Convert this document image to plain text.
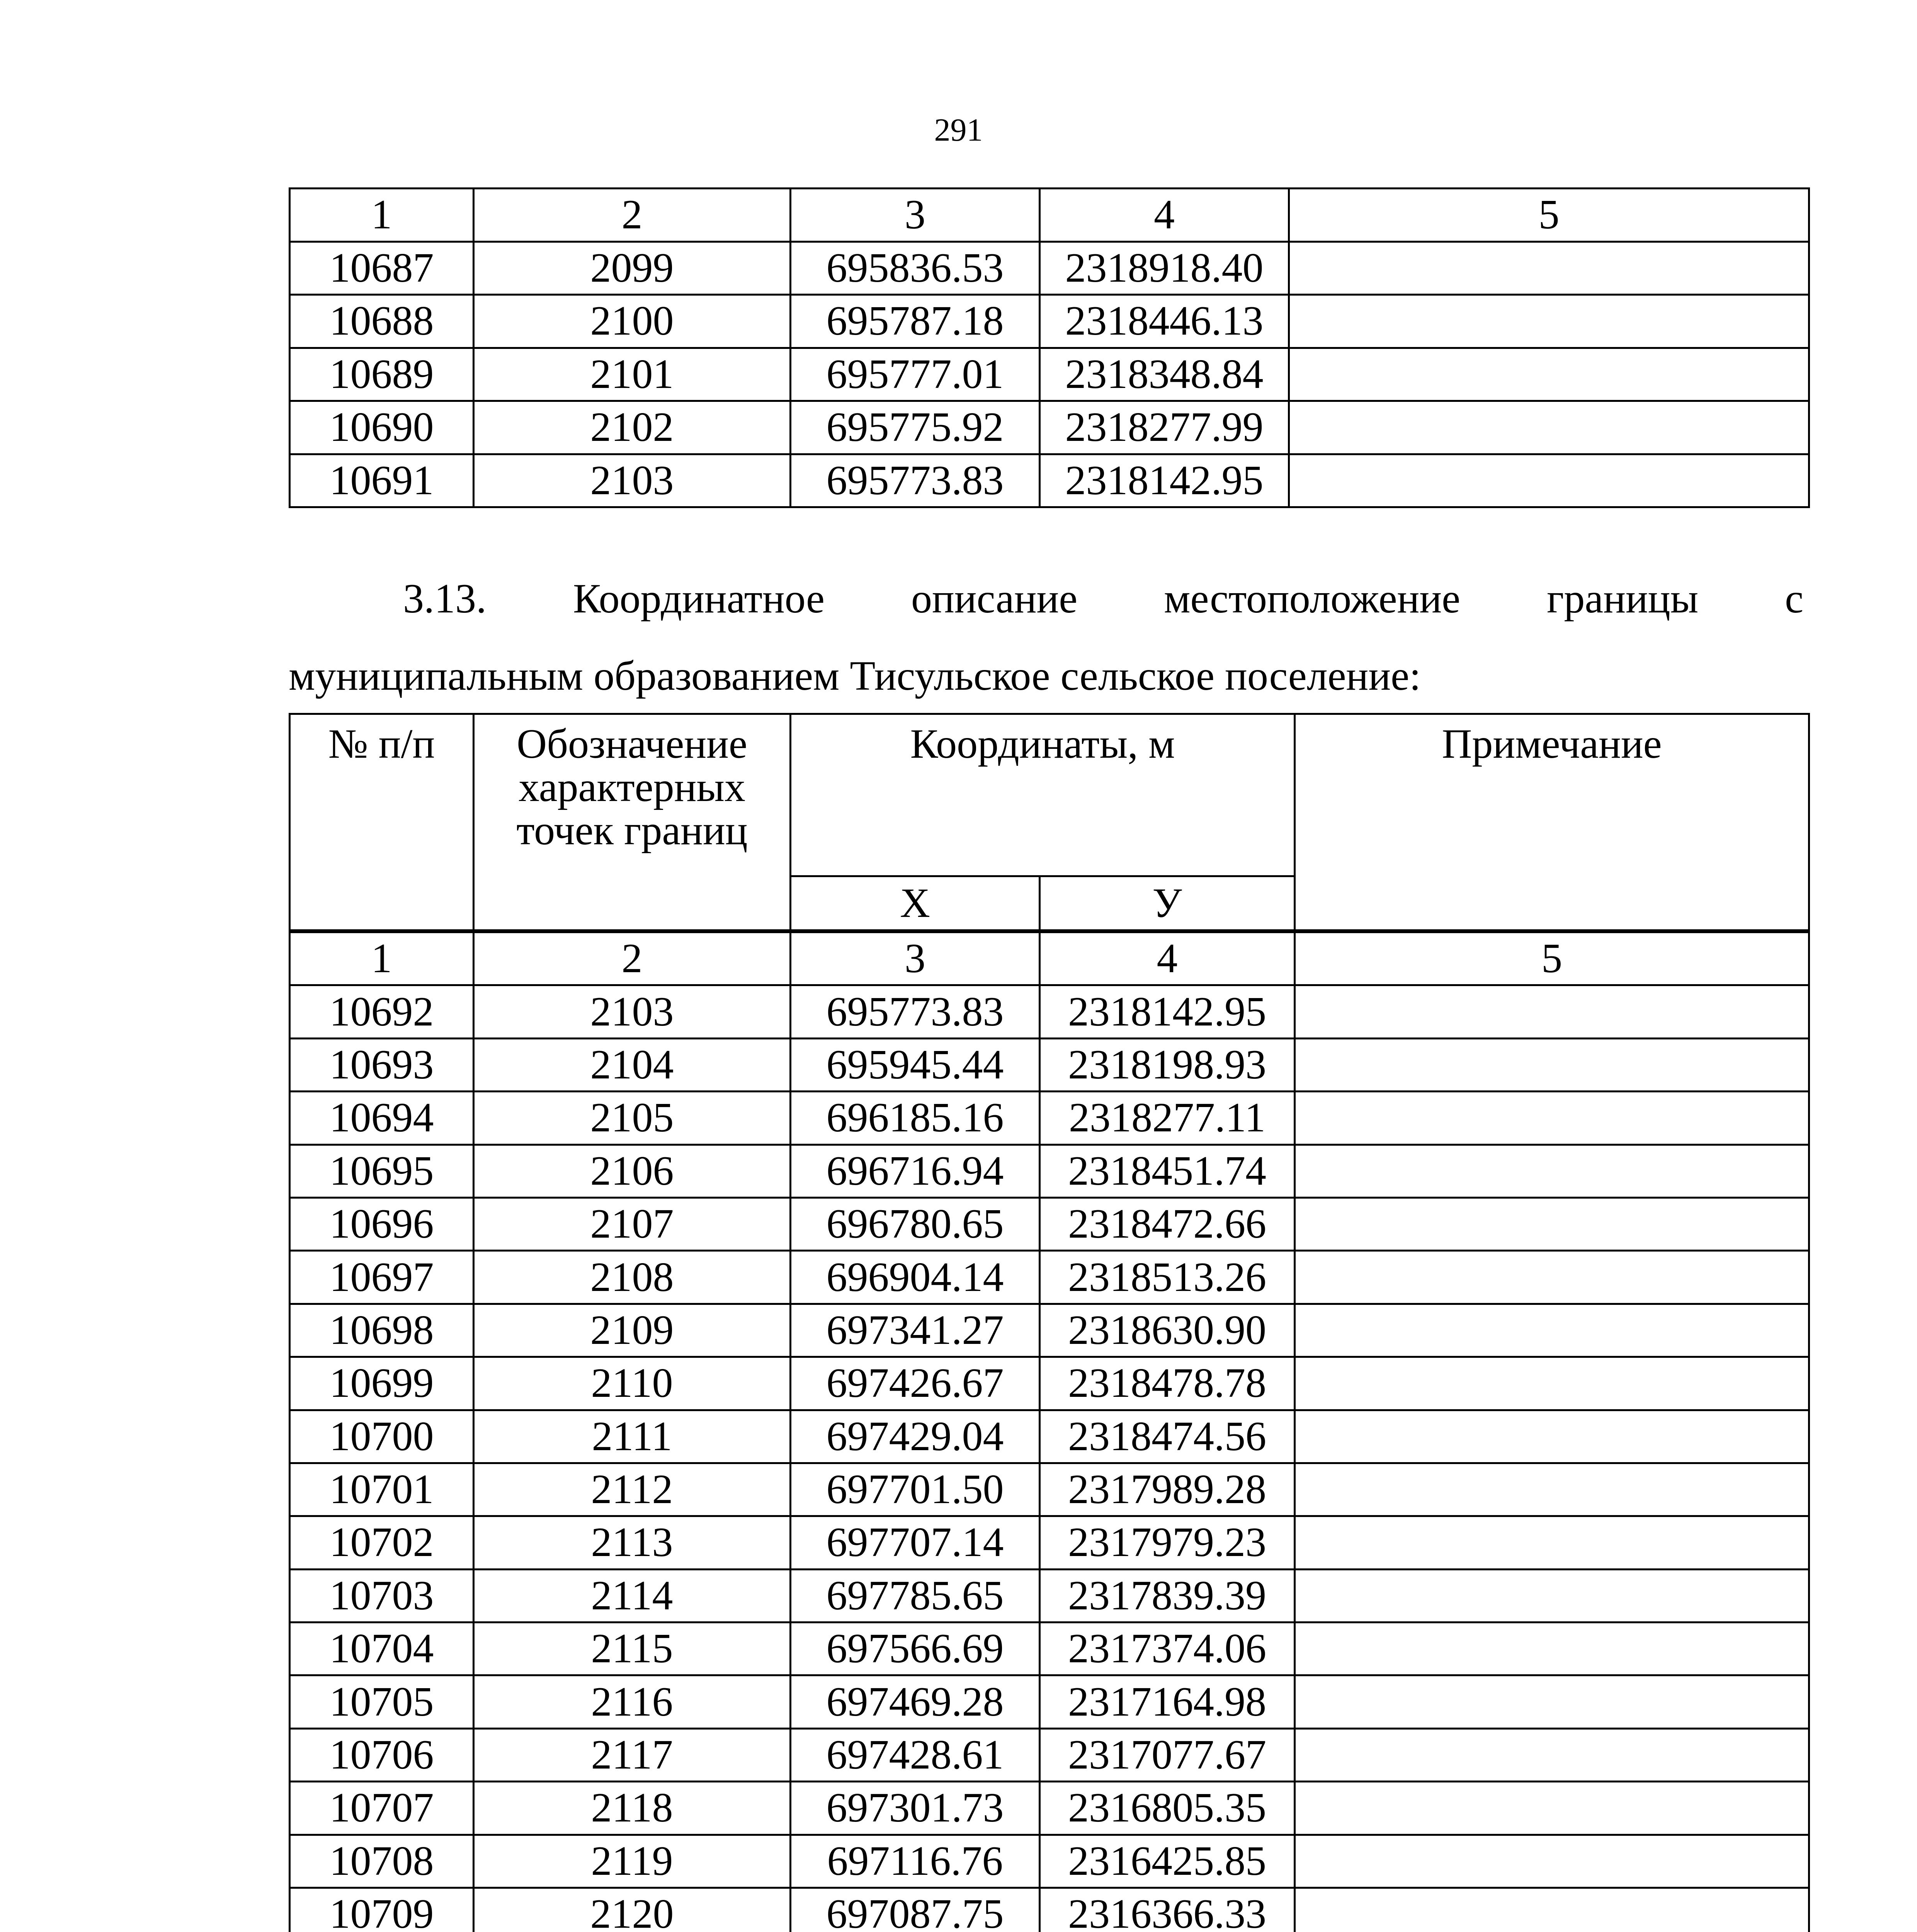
291
1	2	3	4	5
10687	2099	695836.53	2318918.40	
10688	2100	695787.18	2318446.13	
10689	2101	695777.01	2318348.84	
10690	2102	695775.92	2318277.99	
10691	2103	695773.83	2318142.95	
3.13. Координатное описание местоположение границы с
муниципальным образованием Тисульское сельское поселение:
№ п/п	Обозначение характерных точек границ	Координаты, м		Примечание
		Х	У	
1	2	3	4	5
10692	2103	695773.83	2318142.95	
10693	2104	695945.44	2318198.93	
10694	2105	696185.16	2318277.11	
10695	2106	696716.94	2318451.74	
10696	2107	696780.65	2318472.66	
10697	2108	696904.14	2318513.26	
10698	2109	697341.27	2318630.90	
10699	2110	697426.67	2318478.78	
10700	2111	697429.04	2318474.56	
10701	2112	697701.50	2317989.28	
10702	2113	697707.14	2317979.23	
10703	2114	697785.65	2317839.39	
10704	2115	697566.69	2317374.06	
10705	2116	697469.28	2317164.98	
10706	2117	697428.61	2317077.67	
10707	2118	697301.73	2316805.35	
10708	2119	697116.76	2316425.85	
10709	2120	697087.75	2316366.33	
